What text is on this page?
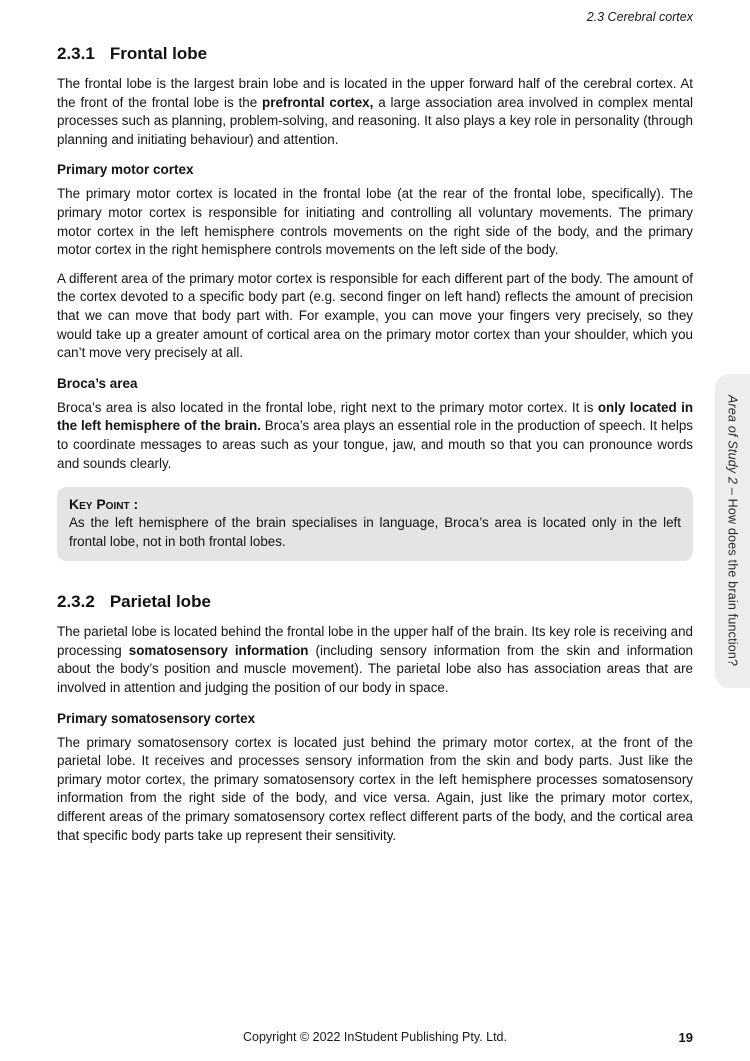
2.3 Cerebral cortex
2.3.1 Frontal lobe

The frontal lobe is the largest brain lobe and is located in the upper forward half of the cerebral cortex. At the front of the frontal lobe is the prefrontal cortex, a large association area involved in complex mental processes such as planning, problem-solving, and reasoning. It also plays a key role in personality (through planning and initiating behaviour) and attention.

Primary motor cortex

The primary motor cortex is located in the frontal lobe (at the rear of the frontal lobe, specifically). The primary motor cortex is responsible for initiating and controlling all voluntary movements. The primary motor cortex in the left hemisphere controls movements on the right side of the body, and the primary motor cortex in the right hemisphere controls movements on the left side of the body.

A different area of the primary motor cortex is responsible for each different part of the body. The amount of the cortex devoted to a specific body part (e.g. second finger on left hand) reflects the amount of precision that we can move that body part with. For example, you can move your fingers very precisely, so they would take up a greater amount of cortical area on the primary motor cortex than your shoulder, which you can’t move very precisely at all.

Broca’s area

Broca’s area is also located in the frontal lobe, right next to the primary motor cortex. It is only located in the left hemisphere of the brain. Broca’s area plays an essential role in the production of speech. It helps to coordinate messages to areas such as your tongue, jaw, and mouth so that you can pronounce words and sounds clearly.

Key Point :
As the left hemisphere of the brain specialises in language, Broca’s area is located only in the left frontal lobe, not in both frontal lobes.
2.3.2 Parietal lobe

The parietal lobe is located behind the frontal lobe in the upper half of the brain. Its key role is receiving and processing somatosensory information (including sensory information from the skin and information about the body’s position and muscle movement). The parietal lobe also has association areas that are involved in attention and judging the position of our body in space.

Primary somatosensory cortex

The primary somatosensory cortex is located just behind the primary motor cortex, at the front of the parietal lobe. It receives and processes sensory information from the skin and body parts. Just like the primary motor cortex, the primary somatosensory cortex in the left hemisphere processes somatosensory information from the right side of the body, and vice versa. Again, just like the primary motor cortex, different areas of the primary somatosensory cortex reflect different parts of the body, and the cortical area that specific body parts take up represent their sensitivity.

Area of Study 2 – How does the brain function?
Copyright © 2022 InStudent Publishing Pty. Ltd.	19
